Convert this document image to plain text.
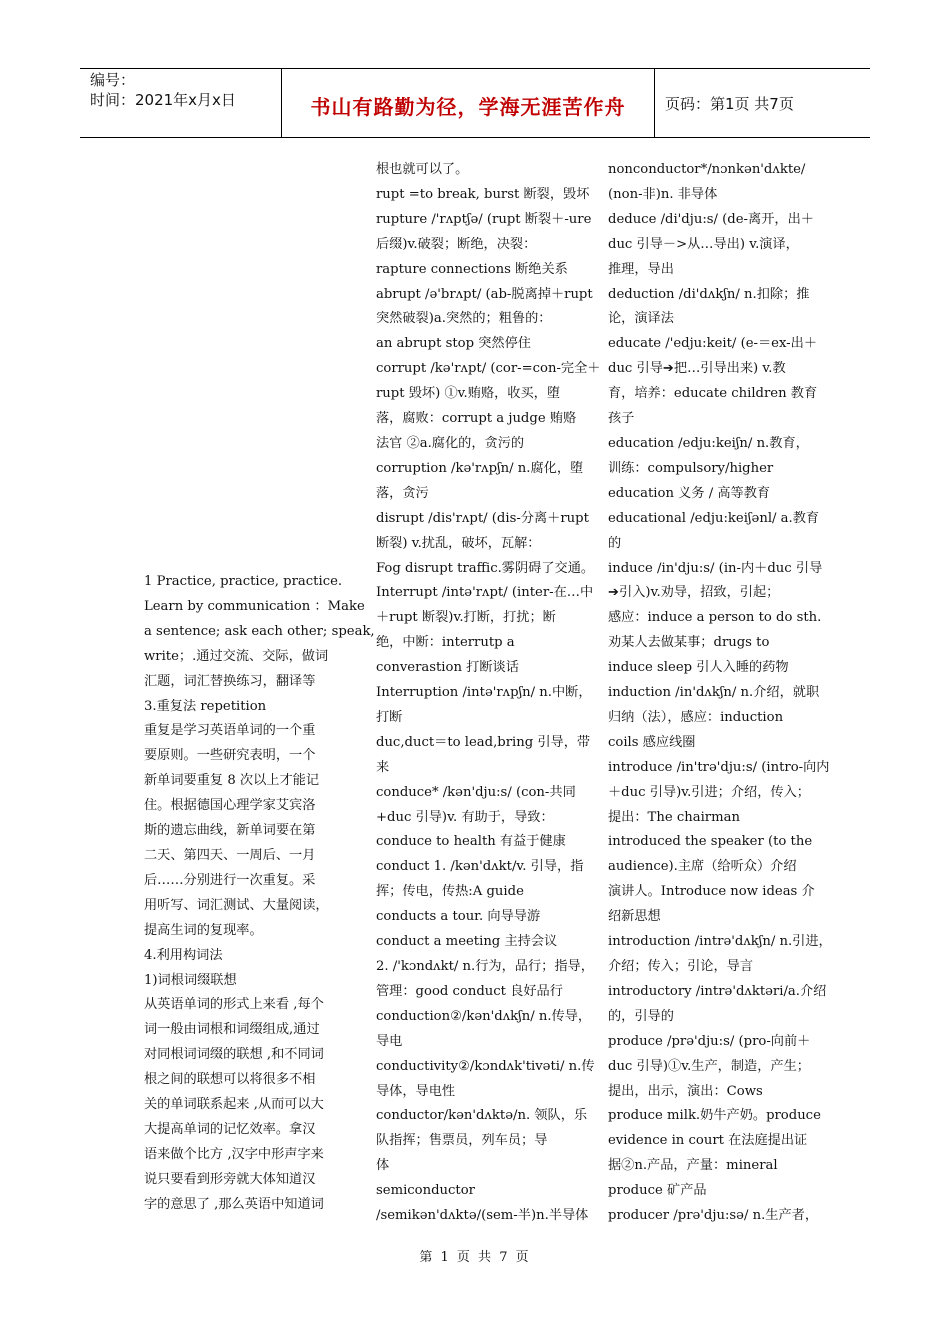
编号：
时间：2021年x月x日	书山有路勤为径，学海无涯苦作舟	页码：第1页 共7页
1 Practice, practice, practice.
Learn by communication ：Make
a sentence; ask each other; speak,
write；.通过交流、交际，做词
汇题，词汇替换练习，翻译等
3.重复法 repetition
重复是学习英语单词的一个重
要原则。一些研究表明，一个
新单词要重复 8 次以上才能记
住。根据德国心理学家艾宾洛
斯的遗忘曲线，新单词要在第
二天、第四天、一周后、一月
后……分别进行一次重复。采
用听写、词汇测试、大量阅读，
提高生词的复现率。
4.利用构词法
1)词根词缀联想
从英语单词的形式上来看 ,每个
词一般由词根和词缀组成,通过
对同根词词缀的联想 ,和不同词
根之间的联想可以将很多不相
关的单词联系起来 ,从而可以大
大提高单词的记忆效率。拿汉
语来做个比方 ,汉字中形声字来
说只要看到形旁就大体知道汉
字的意思了 ,那么英语中知道词
根也就可以了。
rupt =to break, burst 断裂，毁坏
rupture /'rʌptʃə/ (rupt 断裂＋-ure
后缀)v.破裂；断绝，决裂：
rapture connections 断绝关系
abrupt /ə'brʌpt/ (ab-脱离掉＋rupt
突然破裂)a.突然的；粗鲁的：
an abrupt stop 突然停住
corrupt /kə'rʌpt/ (cor-=con-完全＋
rupt 毁坏) ①v.贿赂，收买，堕
落，腐败：corrupt a judge 贿赂
法官 ②a.腐化的，贪污的
corruption /kə'rʌpʃn/ n.腐化，堕
落，贪污
disrupt /dis'rʌpt/ (dis-分离＋rupt
断裂) v.扰乱，破坏，瓦解：
Fog disrupt traffic.雾阴碍了交通。
Interrupt /intə'rʌpt/ (inter-在…中
＋rupt 断裂)v.打断，打扰；断
绝，中断：interrutp a
converastion 打断谈话
Interruption /intə'rʌpʃn/ n.中断，
打断
duc,duct＝to lead,bring 引导，带
来
conduce* /kən'dju:s/ (con-共同
+duc 引导)v. 有助于，导致：
conduce to health 有益于健康
conduct 1. /kən'dʌkt/v. 引导，指
挥；传电，传热:A guide
conducts a tour. 向导导游
conduct a meeting 主持会议
2. /'kɔndʌkt/ n.行为，品行；指导，
管理：good conduct 良好品行
conduction②/kən'dʌkʃn/ n.传导，
导电
conductivity②/kɔndʌk'tivəti/ n.传
导体，导电性
conductor/kən'dʌktə/n. 领队，乐
队指挥；售票员，列车员；导
体
semiconductor
/semikən'dʌktə/(sem-半)n.半导体
nonconductor*/nɔnkən'dʌkte/
(non-非)n. 非导体
deduce /di'dju:s/ (de-离开，出＋
duc 引导－>从…导出) v.演译，
推理，导出
deduction /di'dʌkʃn/ n.扣除；推
论，演译法
educate /'edju:keit/ (e-＝ex-出＋
duc 引导➔把…引导出来) v.教
育，培养：educate children 教育
孩子
education /edju:keiʃn/ n.教育，
训练：compulsory/higher
education 义务 / 高等教育
educational /edju:keiʃənl/ a.教育
的
induce /in'dju:s/ (in-内＋duc 引导
➔引入)v.劝导，招致，引起；
感应：induce a person to do sth.
劝某人去做某事；drugs to
induce sleep 引人入睡的药物
induction /in'dʌkʃn/ n.介绍，就职
归纳（法），感应：induction
coils 感应线圈
introduce /in'trə'dju:s/ (intro-向内
＋duc 引导)v.引进；介绍，传入；
提出：The chairman
introduced the speaker (to the
audience).主席（给听众）介绍
演讲人。Introduce now ideas 介
绍新思想
introduction /intrə'dʌkʃn/ n.引进，
介绍；传入；引论，导言
introductory /intrə'dʌktəri/a.介绍
的，引导的
produce /prə'dju:s/ (pro-向前＋
duc 引导)①v.生产，制造，产生；
提出，出示，演出：Cows
produce milk.奶牛产奶。produce
evidence in court 在法庭提出证
据②n.产品，产量：mineral
produce 矿产品
producer /prə'dju:sə/ n.生产者，
第 1 页 共 7 页
